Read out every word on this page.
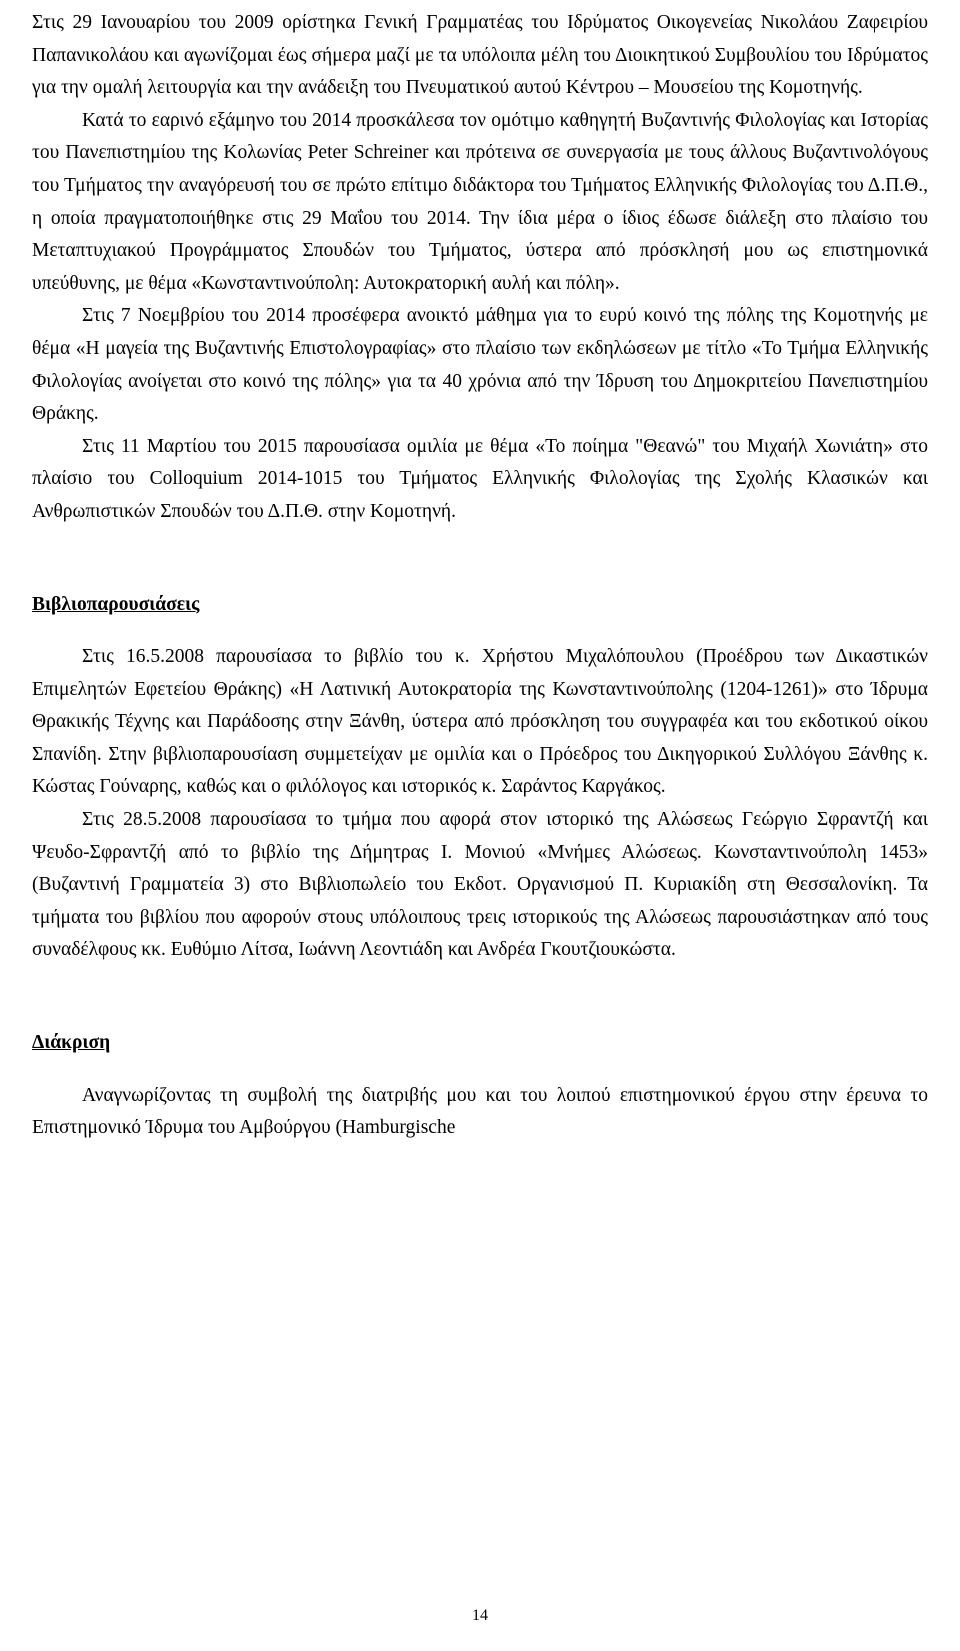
Στις 29 Ιανουαρίου του 2009 ορίστηκα Γενική Γραμματέας του Ιδρύματος Οικογενείας Νικολάου Ζαφειρίου Παπανικολάου και αγωνίζομαι έως σήμερα μαζί με τα υπόλοιπα μέλη του Διοικητικού Συμβουλίου του Ιδρύματος για την ομαλή λειτουργία και την ανάδειξη του Πνευματικού αυτού Κέντρου – Μουσείου της Κομοτηνής.

Κατά το εαρινό εξάμηνο του 2014 προσκάλεσα τον ομότιμο καθηγητή Βυζαντινής Φιλολογίας και Ιστορίας του Πανεπιστημίου της Κολωνίας Peter Schreiner και πρότεινα σε συνεργασία με τους άλλους Βυζαντινολόγους του Τμήματος την αναγόρευσή του σε πρώτο επίτιμο διδάκτορα του Τμήματος Ελληνικής Φιλολογίας του Δ.Π.Θ., η οποία πραγματοποιήθηκε στις 29 Μαΐου του 2014. Την ίδια μέρα ο ίδιος έδωσε διάλεξη στο πλαίσιο του Μεταπτυχιακού Προγράμματος Σπουδών του Τμήματος, ύστερα από πρόσκλησή μου ως επιστημονικά υπεύθυνης, με θέμα «Κωνσταντινούπολη: Αυτοκρατορική αυλή και πόλη».

Στις 7 Νοεμβρίου του 2014 προσέφερα ανοικτό μάθημα για το ευρύ κοινό της πόλης της Κομοτηνής με θέμα «Η μαγεία της Βυζαντινής Επιστολογραφίας» στο πλαίσιο των εκδηλώσεων με τίτλο «Το Τμήμα Ελληνικής Φιλολογίας ανοίγεται στο κοινό της πόλης» για τα 40 χρόνια από την Ίδρυση του Δημοκριτείου Πανεπιστημίου Θράκης.

Στις 11 Μαρτίου του 2015 παρουσίασα ομιλία με θέμα «Το ποίημα "Θεανώ" του Μιχαήλ Χωνιάτη» στο πλαίσιο του Colloquium 2014-1015 του Τμήματος Ελληνικής Φιλολογίας της Σχολής Κλασικών και Ανθρωπιστικών Σπουδών του Δ.Π.Θ. στην Κομοτηνή.

Βιβλιοπαρουσιάσεις

Στις 16.5.2008 παρουσίασα το βιβλίο του κ. Χρήστου Μιχαλόπουλου (Προέδρου των Δικαστικών Επιμελητών Εφετείου Θράκης) «Η Λατινική Αυτοκρατορία της Κωνσταντινούπολης (1204-1261)» στο Ίδρυμα Θρακικής Τέχνης και Παράδοσης στην Ξάνθη, ύστερα από πρόσκληση του συγγραφέα και του εκδοτικού οίκου Σπανίδη. Στην βιβλιοπαρουσίαση συμμετείχαν με ομιλία και ο Πρόεδρος του Δικηγορικού Συλλόγου Ξάνθης κ. Κώστας Γούναρης, καθώς και ο φιλόλογος και ιστορικός κ. Σαράντος Καργάκος.

Στις 28.5.2008 παρουσίασα το τμήμα που αφορά στον ιστορικό της Αλώσεως Γεώργιο Σφραντζή και Ψευδο-Σφραντζή από το βιβλίο της Δήμητρας Ι. Μονιού «Μνήμες Αλώσεως. Κωνσταντινούπολη 1453» (Βυζαντινή Γραμματεία 3) στο Βιβλιοπωλείο του Εκδοτ. Οργανισμού Π. Κυριακίδη στη Θεσσαλονίκη. Τα τμήματα του βιβλίου που αφορούν στους υπόλοιπους τρεις ιστορικούς της Αλώσεως παρουσιάστηκαν από τους συναδέλφους κκ. Ευθύμιο Λίτσα, Ιωάννη Λεοντιάδη και Ανδρέα Γκουτζιουκώστα.

Διάκριση

Αναγνωρίζοντας τη συμβολή της διατριβής μου και του λοιπού επιστημονικού έργου στην έρευνα το Επιστημονικό Ίδρυμα του Αμβούργου (Hamburgische

14
